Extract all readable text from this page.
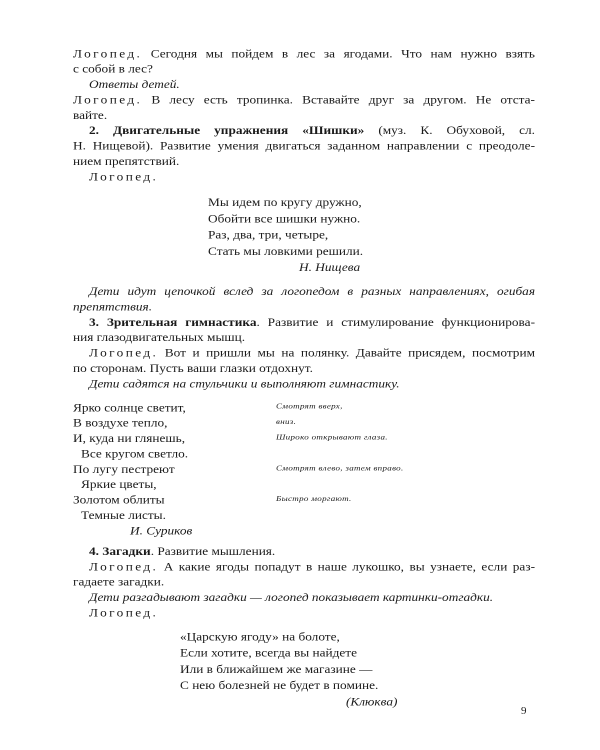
Логопед. Сегодня мы пойдем в лес за ягодами. Что нам нужно взять
с собой в лес?
Ответы детей.
Логопед. В лесу есть тропинка. Вставайте друг за другом. Не отста-
вайте.
2. Двигательные упражнения «Шишки» (муз. К. Обуховой, сл.
Н. Нищевой). Развитие умения двигаться заданном направлении с преодоле-
нием препятствий.
Логопед.
Мы идем по кругу дружно,
Обойти все шишки нужно.
Раз, два, три, четыре,
Стать мы ловкими решили.
Н. Нищева
Дети идут цепочкой вслед за логопедом в разных направлениях, огибая
препятствия.
3. Зрительная гимнастика. Развитие и стимулирование функционирова-
ния глазодвигательных мышц.
Логопед. Вот и пришли мы на полянку. Давайте присядем, посмотрим
по сторонам. Пусть ваши глазки отдохнут.
Дети садятся на стульчики и выполняют гимнастику.
Ярко солнце светит,
В воздухе тепло,
И, куда ни глянешь,
Все кругом светло.
По лугу пестреют
Яркие цветы,
Золотом облиты
Темные листы.
И. Суриков
Смотрят вверх,
вниз.
Широко открывают глаза.
Смотрят влево, затем вправо.
Быстро моргают.
4. Загадки. Развитие мышления.
Логопед. А какие ягоды попадут в наше лукошко, вы узнаете, если раз-
гадаете загадки.
Дети разгадывают загадки — логопед показывает картинки-отгадки.
Логопед.
«Царскую ягоду» на болоте,
Если хотите, всегда вы найдете
Или в ближайшем же магазине —
С нею болезней не будет в помине.
(Клюква)
9
